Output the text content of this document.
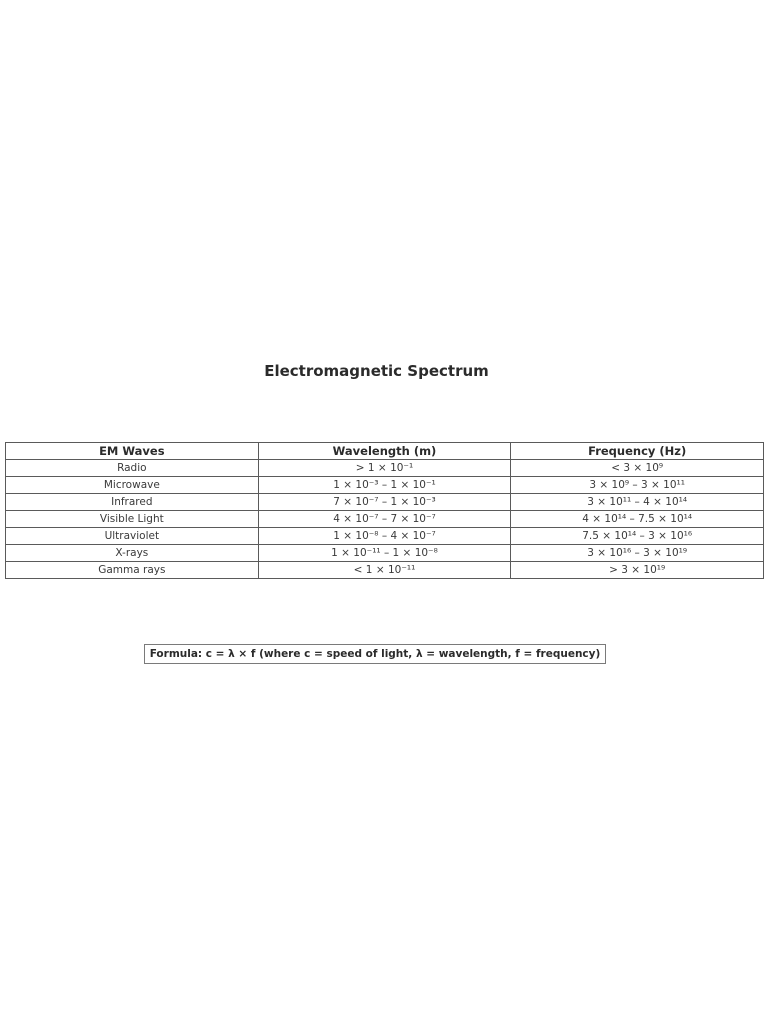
Electromagnetic Spectrum
EM Waves	Wavelength (m)	Frequency (Hz)
Radio	> 1 × 10⁻¹	< 3 × 10⁹
Microwave	1 × 10⁻³ – 1 × 10⁻¹	3 × 10⁹ – 3 × 10¹¹
Infrared	7 × 10⁻⁷ – 1 × 10⁻³	3 × 10¹¹ – 4 × 10¹⁴
Visible Light	4 × 10⁻⁷ – 7 × 10⁻⁷	4 × 10¹⁴ – 7.5 × 10¹⁴
Ultraviolet	1 × 10⁻⁸ – 4 × 10⁻⁷	7.5 × 10¹⁴ – 3 × 10¹⁶
X-rays	1 × 10⁻¹¹ – 1 × 10⁻⁸	3 × 10¹⁶ – 3 × 10¹⁹
Gamma rays	< 1 × 10⁻¹¹	> 3 × 10¹⁹
Formula: c = λ × f (where c = speed of light, λ = wavelength, f = frequency)
